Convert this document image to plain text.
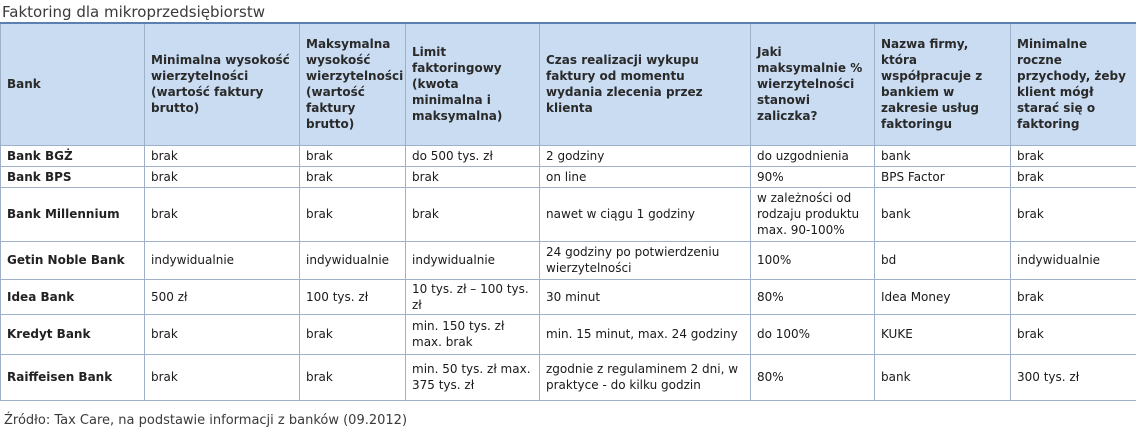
Faktoring dla mikroprzedsiębiorstw
Bank	Minimalna wysokość wierzytelności (wartość faktury brutto)	Maksymalna wysokość wierzytelności (wartość faktury brutto)	Limit faktoringowy (kwota minimalna i maksymalna)	Czas realizacji wykupu faktury od momentu wydania zlecenia przez klienta	Jaki maksymalnie % wierzytelności stanowi zaliczka?	Nazwa firmy, która współpracuje z bankiem w zakresie usług faktoringu	Minimalne roczne przychody, żeby klient mógł starać się o faktoring
Bank BGŻ	brak	brak	do 500 tys. zł	2 godziny	do uzgodnienia	bank	brak
Bank BPS	brak	brak	brak	on line	90%	BPS Factor	brak
Bank Millennium	brak	brak	brak	nawet w ciągu 1 godziny	w zależności od rodzaju produktu max. 90-100%	bank	brak
Getin Noble Bank	indywidualnie	indywidualnie	indywidualnie	24 godziny po potwierdzeniu wierzytelności	100%	bd	indywidualnie
Idea Bank	500 zł	100 tys. zł	10 tys. zł – 100 tys. zł	30 minut	80%	Idea Money	brak
Kredyt Bank	brak	brak	min. 150 tys. zł max. brak	min. 15 minut, max. 24 godziny	do 100%	KUKE	brak
Raiffeisen Bank	brak	brak	min. 50 tys. zł max. 375 tys. zł	zgodnie z regulaminem 2 dni, w praktyce - do kilku godzin	80%	bank	300 tys. zł
Źródło: Tax Care, na podstawie informacji z banków (09.2012)
